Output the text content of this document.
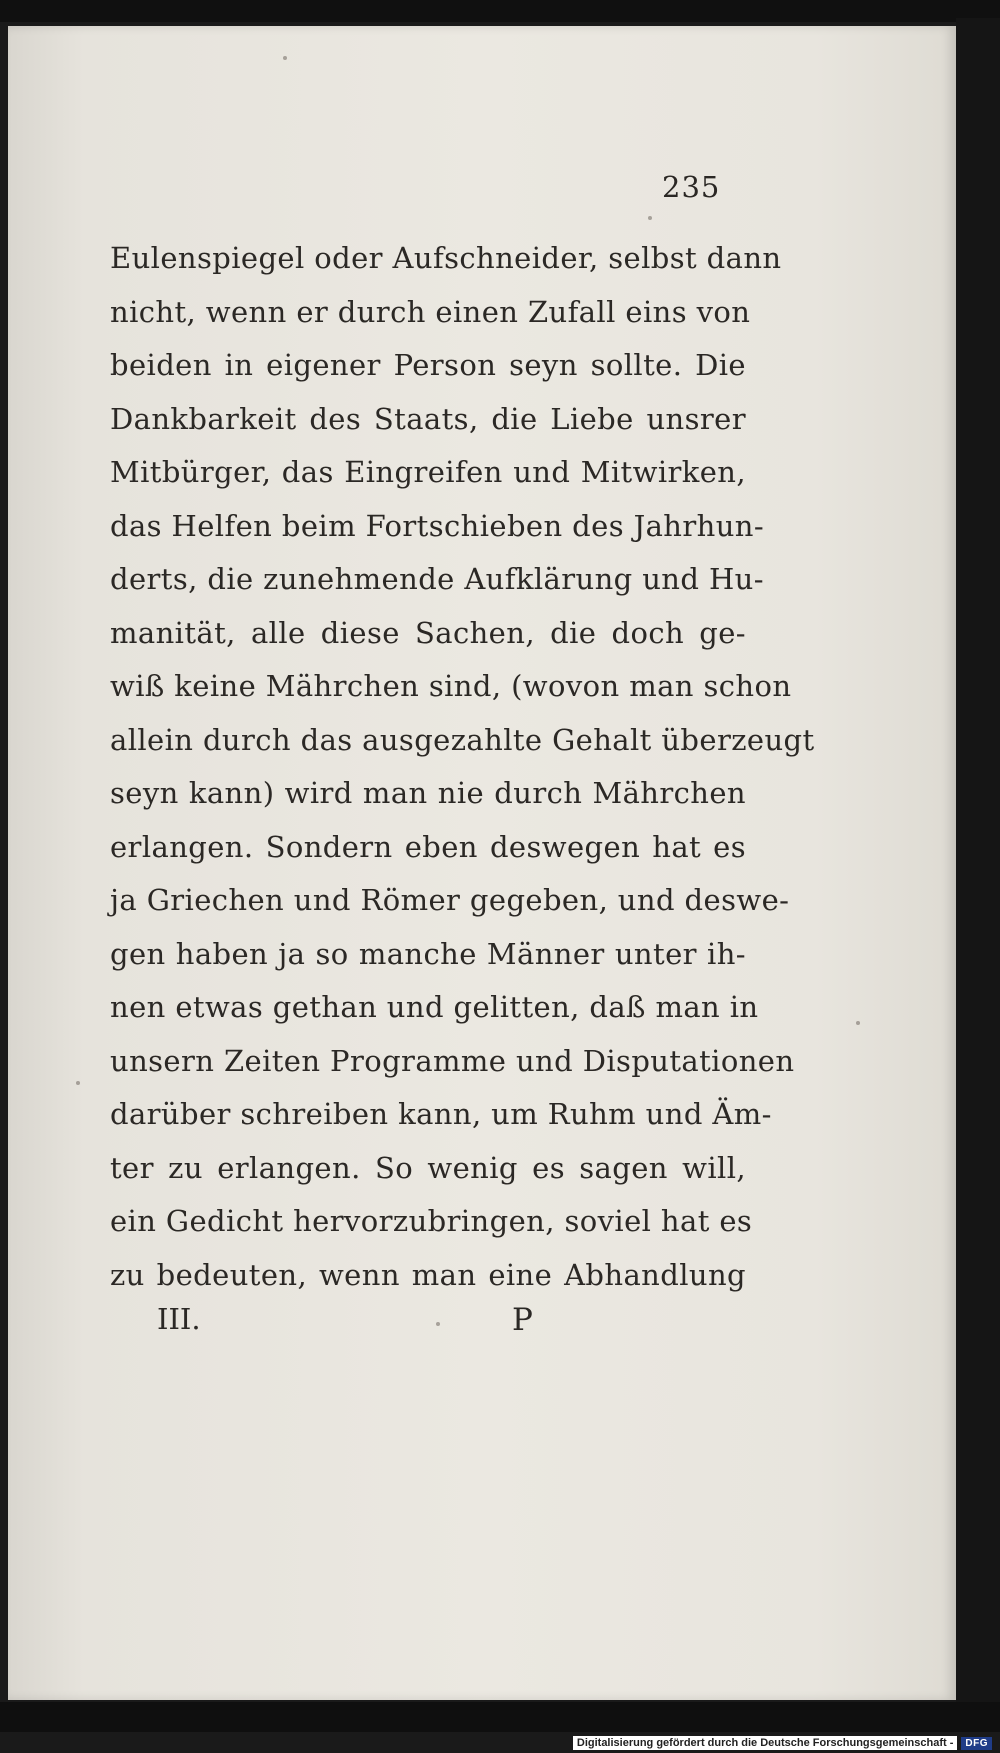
235
Eulenspiegel oder Aufschneider, selbst dann
nicht, wenn er durch einen Zufall eins von
beiden in eigener Person seyn sollte. Die
Dankbarkeit des Staats, die Liebe unsrer
Mitbürger, das Eingreifen und Mitwirken,
das Helfen beim Fortschieben des Jahrhun-
derts, die zunehmende Aufklärung und Hu-
manität, alle diese Sachen, die doch ge-
wiß keine Mährchen sind, (wovon man schon
allein durch das ausgezahlte Gehalt überzeugt
seyn kann) wird man nie durch Mährchen
erlangen. Sondern eben deswegen hat es
ja Griechen und Römer gegeben, und deswe-
gen haben ja so manche Männer unter ih-
nen etwas gethan und gelitten, daß man in
unsern Zeiten Programme und Disputationen
darüber schreiben kann, um Ruhm und Äm-
ter zu erlangen. So wenig es sagen will,
ein Gedicht hervorzubringen, soviel hat es
zu bedeuten, wenn man eine Abhandlung
III.	P
Digitalisierung gefördert durch die Deutsche Forschungsgemeinschaft -	DFG
